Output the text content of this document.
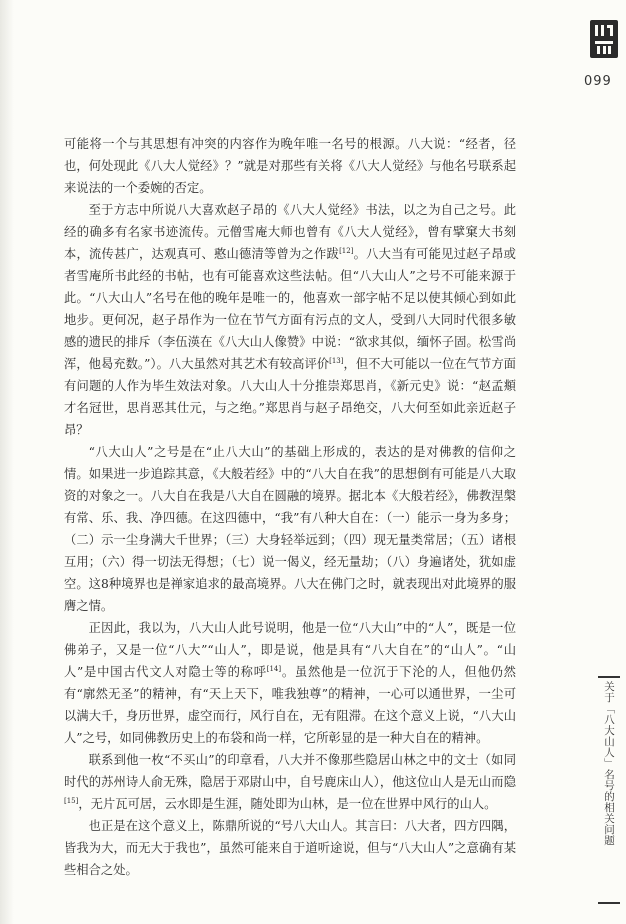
099

可能将一个与其思想有冲突的内容作为晚年唯一名号的根源。八大说：“经者，径也，何处现此《八大人觉经》？”就是对那些有关将《八大人觉经》与他名号联系起来说法的一个委婉的否定。

至于方志中所说八大喜欢赵子昂的《八大人觉经》书法，以之为自己之号。此经的确多有名家书迹流传。元僧雪庵大师也曾有《八大人觉经》，曾有擘窠大书刻本，流传甚广，达观真可、憨山德清等曾为之作跋[12]。八大当有可能见过赵子昂或者雪庵所书此经的书帖，也有可能喜欢这些法帖。但“八大山人”之号不可能来源于此。“八大山人”名号在他的晚年是唯一的，他喜欢一部字帖不足以使其倾心到如此地步。更何况，赵子昂作为一位在节气方面有污点的文人，受到八大同时代很多敏感的遗民的排斥（李伍渶在《八大山人像赞》中说：“欲求其似，缅怀子固。松雪尚浑，他曷充数。”）。八大虽然对其艺术有较高评价[13]，但不大可能以一位在气节方面有问题的人作为毕生效法对象。八大山人十分推崇郑思肖，《新元史》说：“赵孟頫才名冠世，思肖恶其仕元，与之绝。”郑思肖与赵子昂绝交，八大何至如此亲近赵子昂？

“八大山人”之号是在“止八大山”的基础上形成的，表达的是对佛教的信仰之情。如果进一步追踪其意，《大般若经》中的“八大自在我”的思想倒有可能是八大取资的对象之一。八大自在我是八大自在圆融的境界。据北本《大般若经》，佛教涅槃有常、乐、我、净四德。在这四德中，“我”有八种大自在：（一）能示一身为多身；（二）示一尘身满大千世界；（三）大身轻举远到；（四）现无量类常居；（五）诸根互用；（六）得一切法无得想；（七）说一偈义，经无量劫；（八）身遍诸处，犹如虚空。这8种境界也是禅家追求的最高境界。八大在佛门之时，就表现出对此境界的服膺之情。

正因此，我以为，八大山人此号说明，他是一位“八大山”中的“人”，既是一位佛弟子，又是一位“八大”“山人”，即是说，他是具有“八大自在”的“山人”。“山人”是中国古代文人对隐士等的称呼[14]。虽然他是一位沉于下沦的人，但他仍然有“廓然无圣”的精神，有“天上天下，唯我独尊”的精神，一心可以通世界，一尘可以满大千，身历世界，虚空而行，风行自在，无有阻滞。在这个意义上说，“八大山人”之号，如同佛教历史上的布袋和尚一样，它所彰显的是一种大自在的精神。

联系到他一枚“不买山”的印章看，八大并不像那些隐居山林之中的文士（如同时代的苏州诗人俞无殊，隐居于邓尉山中，自号鹿床山人），他这位山人是无山而隐[15]，无片瓦可居，云水即是生涯，随处即为山林，是一位在世界中风行的山人。

也正是在这个意义上，陈鼎所说的“号八大山人。其言曰：八大者，四方四隅，皆我为大，而无大于我也”，虽然可能来自于道听途说，但与“八大山人”之意确有某些相合之处。

关于「八大山人」名号的相关问题
